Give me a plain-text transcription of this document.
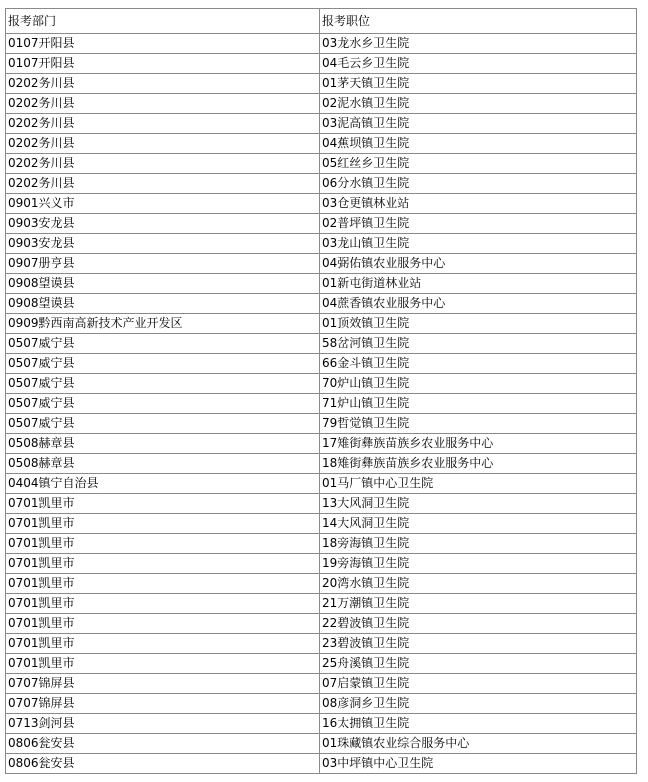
报考部门	报考职位
0107开阳县	03龙水乡卫生院
0107开阳县	04毛云乡卫生院
0202务川县	01茅天镇卫生院
0202务川县	02泥水镇卫生院
0202务川县	03泥高镇卫生院
0202务川县	04蕉坝镇卫生院
0202务川县	05红丝乡卫生院
0202务川县	06分水镇卫生院
0901兴义市	03仓更镇林业站
0903安龙县	02普坪镇卫生院
0903安龙县	03龙山镇卫生院
0907册亨县	04弼佑镇农业服务中心
0908望谟县	01新屯街道林业站
0908望谟县	04蔗香镇农业服务中心
0909黔西南高新技术产业开发区	01顶效镇卫生院
0507威宁县	58岔河镇卫生院
0507威宁县	66金斗镇卫生院
0507威宁县	70炉山镇卫生院
0507威宁县	71炉山镇卫生院
0507威宁县	79哲觉镇卫生院
0508赫章县	17雉街彝族苗族乡农业服务中心
0508赫章县	18雉街彝族苗族乡农业服务中心
0404镇宁自治县	01马厂镇中心卫生院
0701凯里市	13大风洞卫生院
0701凯里市	14大风洞卫生院
0701凯里市	18旁海镇卫生院
0701凯里市	19旁海镇卫生院
0701凯里市	20湾水镇卫生院
0701凯里市	21万潮镇卫生院
0701凯里市	22碧波镇卫生院
0701凯里市	23碧波镇卫生院
0701凯里市	25舟溪镇卫生院
0707锦屏县	07启蒙镇卫生院
0707锦屏县	08彦洞乡卫生院
0713剑河县	16太拥镇卫生院
0806瓮安县	01珠藏镇农业综合服务中心
0806瓮安县	03中坪镇中心卫生院
